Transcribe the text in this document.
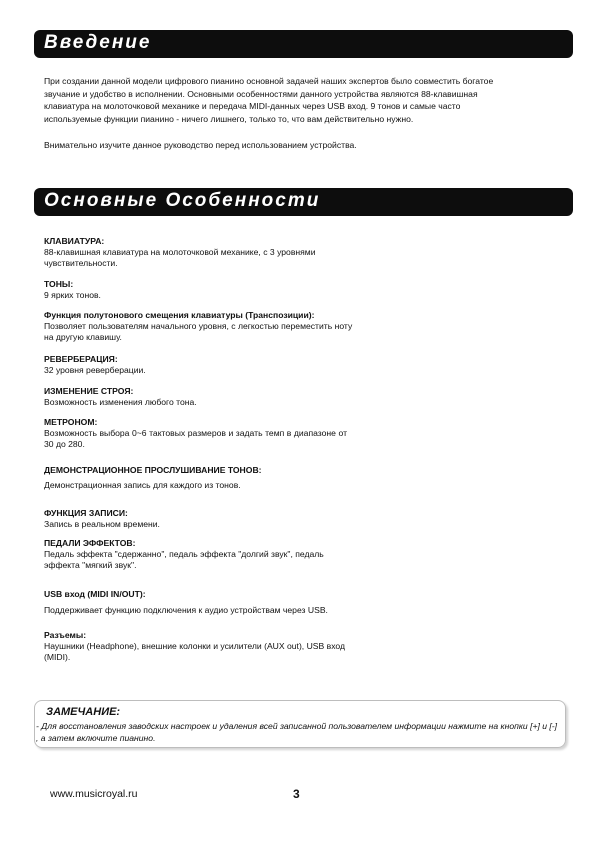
Введение

При создании данной модели цифрового пианино основной задачей наших экспертов было совместить богатое звучание и удобство в исполнении. Основными особенностями данного устройства являются 88-клавишная клавиатура на молоточковой механике и передача MIDI-данных через USB вход. 9 тонов и самые часто используемые функции пианино - ничего лишнего, только то, что вам действительно нужно.

Внимательно изучите данное руководство перед использованием устройства.

Основные Особенности

КЛАВИАТУРА:

88-клавишная клавиатура на молоточковой механике, с 3 уровнями чувствительности.

ТОНЫ:

9 ярких тонов.

Функция полутонового смещения клавиатуры (Транспозиции):

Позволяет пользователям начального уровня, с легкостью переместить ноту на другую клавишу.

РЕВЕРБЕРАЦИЯ:

32 уровня реверберации.

ИЗМЕНЕНИЕ СТРОЯ:

Возможность изменения любого тона.

МЕТРОНОМ:

Возможность выбора 0~6 тактовых размеров и задать темп в диапазоне от 30 до 280.

ДЕМОНСТРАЦИОННОЕ ПРОСЛУШИВАНИЕ ТОНОВ:

Демонстрационная запись для каждого из тонов.

ФУНКЦИЯ ЗАПИСИ:

Запись в реальном времени.

ПЕДАЛИ ЭФФЕКТОВ:

Педаль эффекта "сдержанно", педаль эффекта "долгий звук", педаль эффекта "мягкий звук".

USB вход (MIDI IN/OUT):

Поддерживает функцию подключения к аудио устройствам через USB.

Разъемы:

Наушники (Headphone), внешние колонки и усилители (AUX out), USB вход (MIDI).

ЗАМЕЧАНИЕ:

- Для восстановления заводских настроек и удаления всей записанной пользователем информации нажмите на кнопки [+] и [-] , а затем включите пианино.

www.musicroyal.ru	3
